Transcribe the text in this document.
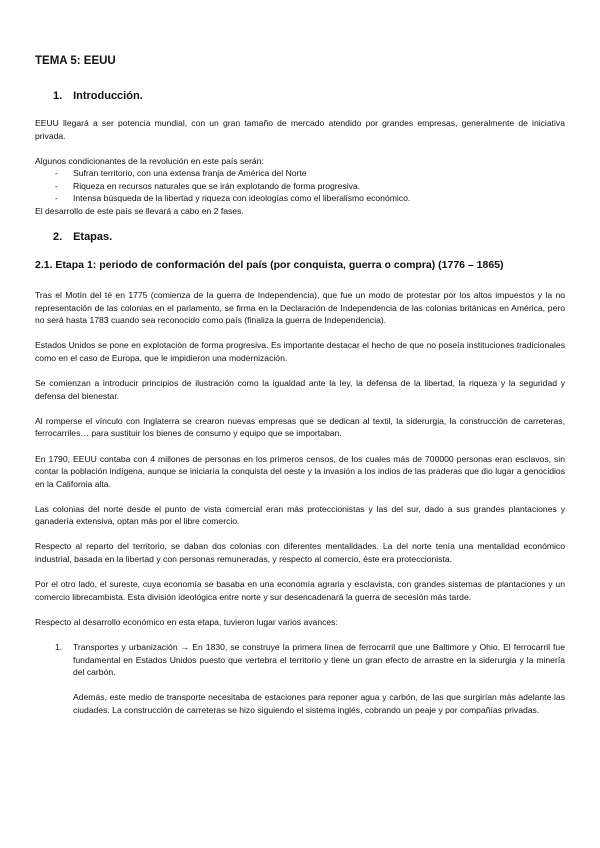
TEMA 5: EEUU
1. Introducción.

EEUU llegará a ser potencia mundial, con un gran tamaño de mercado atendido por grandes empresas, generalmente de iniciativa privada.

Algunos condicionantes de la revolución en este país serán:

- Sufran territorio, con una extensa franja de América del Norte
- Riqueza en recursos naturales que se irán explotando de forma progresiva.
- Intensa búsqueda de la libertad y riqueza con ideologías como el liberalismo económico.

El desarrollo de este país se llevará a cabo en 2 fases.

2. Etapas.
2.1. Etapa 1: periodo de conformación del país (por conquista, guerra o compra) (1776 – 1865)

Tras el Motín del té en 1775 (comienza de la guerra de Independencia), que fue un modo de protestar por los altos impuestos y la no representación de las colonias en el parlamento, se firma en la Declaración de Independencia de las colonias británicas en América, pero no será hasta 1783 cuando sea reconocido como país (finaliza la guerra de Independencia).

Estados Unidos se pone en explotación de forma progresiva. Es importante destacar el hecho de que no poseía instituciones tradicionales como en el caso de Europa, que le impidieron una modernización.

Se comienzan a introducir principios de ilustración como la igualdad ante la ley, la defensa de la libertad, la riqueza y la seguridad y defensa del bienestar.

Al romperse el vínculo con Inglaterra se crearon nuevas empresas que se dedican al textil, la siderurgia, la construcción de carreteras, ferrocarriles… para sustituir los bienes de consumo y equipo que se importaban.

En 1790, EEUU contaba con 4 millones de personas en los primeros censos, de los cuales más de 700000 personas eran esclavos, sin contar la población indígena, aunque se iniciaría la conquista del oeste y la invasión a los indios de las praderas que dio lugar a genocidios en la California alta.

Las colonias del norte desde el punto de vista comercial eran más proteccionistas y las del sur, dado a sus grandes plantaciones y ganadería extensiva, optan más por el libre comercio.

Respecto al reparto del territorio, se daban dos colonias con diferentes mentalidades. La del norte tenía una mentalidad económico industrial, basada en la libertad y con personas remuneradas, y respecto al comercio, éste era proteccionista.

Por el otro lado, el sureste, cuya economía se basaba en una economía agraria y esclavista, con grandes sistemas de plantaciones y un comercio librecambista. Esta división ideológica entre norte y sur desencadenará la guerra de secesión más tarde.

Respecto al desarrollo económico en esta etapa, tuvieron lugar varios avances:

1. Transportes y urbanización → En 1830, se construye la primera línea de ferrocarril que une Baltimore y Ohio. El ferrocarril fue fundamental en Estados Unidos puesto que vertebra el territorio y tiene un gran efecto de arrastre en la siderurgia y la minería del carbón.

Además, este medio de transporte necesitaba de estaciones para reponer agua y carbón, de las que surgirían más adelante las ciudades. La construcción de carreteras se hizo siguiendo el sistema inglés, cobrando un peaje y por compañías privadas.
